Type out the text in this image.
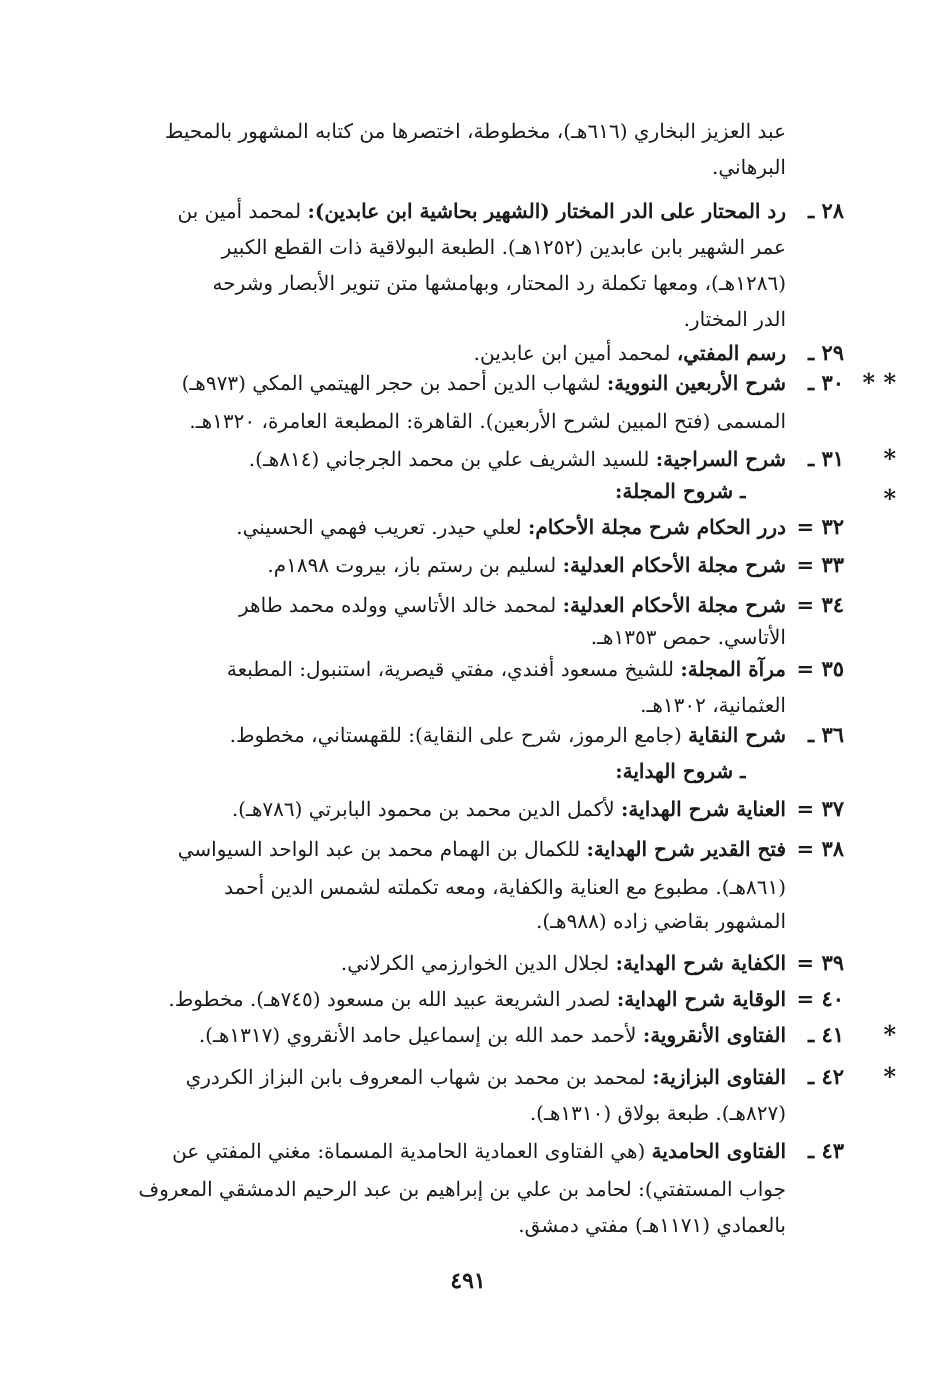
عبد العزيز البخاري (٦١٦هـ)، مخطوطة، اختصرها من كتابه المشهور بالمحيط
البرهاني.
٢٨ ـ
رد المحتار على الدر المختار (الشهير بحاشية ابن عابدين): لمحمد أمين بن
عمر الشهير بابن عابدين (١٢٥٢هـ). الطبعة البولاقية ذات القطع الكبير
(١٢٨٦هـ)، ومعها تكملة رد المحتار، وبهامشها متن تنوير الأبصار وشرحه
الدر المختار.
٢٩ ـ
رسم المفتي، لمحمد أمين ابن عابدين.
* *
٣٠ ـ
شرح الأربعين النووية: لشهاب الدين أحمد بن حجر الهيتمي المكي (٩٧٣هـ)
المسمى (فتح المبين لشرح الأربعين). القاهرة: المطبعة العامرة، ١٣٢٠هـ.
*
٣١ ـ
شرح السراجية: للسيد الشريف علي بن محمد الجرجاني (٨١٤هـ).
*
ـ شروح المجلة:
٣٢ =
درر الحكام شرح مجلة الأحكام: لعلي حيدر. تعريب فهمي الحسيني.
٣٣ =
شرح مجلة الأحكام العدلية: لسليم بن رستم باز، بيروت ١٨٩٨م.
٣٤ =
شرح مجلة الأحكام العدلية: لمحمد خالد الأتاسي وولده محمد طاهر
الأتاسي. حمص ١٣٥٣هـ.
٣٥ =
مرآة المجلة: للشيخ مسعود أفندي، مفتي قيصرية، استنبول: المطبعة
العثمانية، ١٣٠٢هـ.
٣٦ ـ
شرح النقاية (جامع الرموز، شرح على النقاية): للقهستاني، مخطوط.
ـ شروح الهداية:
٣٧ =
العناية شرح الهداية: لأكمل الدين محمد بن محمود البابرتي (٧٨٦هـ).
٣٨ =
فتح القدير شرح الهداية: للكمال بن الهمام محمد بن عبد الواحد السيواسي
(٨٦١هـ). مطبوع مع العناية والكفاية، ومعه تكملته لشمس الدين أحمد
المشهور بقاضي زاده (٩٨٨هـ).
٣٩ =
الكفاية شرح الهداية: لجلال الدين الخوارزمي الكرلاني.
٤٠ =
الوقاية شرح الهداية: لصدر الشريعة عبيد الله بن مسعود (٧٤٥هـ). مخطوط.
*
٤١ ـ
الفتاوى الأنقروية: لأحمد حمد الله بن إسماعيل حامد الأنقروي (١٣١٧هـ).
*
٤٢ ـ
الفتاوى البزازية: لمحمد بن محمد بن شهاب المعروف بابن البزاز الكردري
(٨٢٧هـ). طبعة بولاق (١٣١٠هـ).
٤٣ ـ
الفتاوى الحامدية (هي الفتاوى العمادية الحامدية المسماة: مغني المفتي عن
جواب المستفتي): لحامد بن علي بن إبراهيم بن عبد الرحيم الدمشقي المعروف
بالعمادي (١١٧١هـ) مفتي دمشق.
٤٩١
